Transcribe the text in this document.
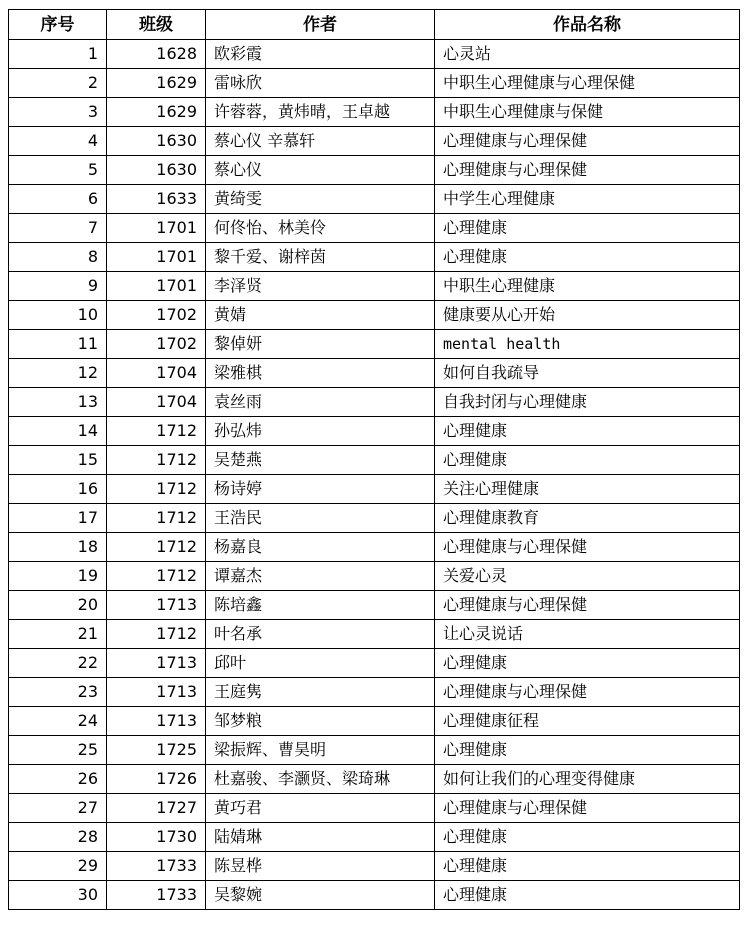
序号	班级	作者	作品名称
1	1628	欧彩霞	心灵站
2	1629	雷咏欣	中职生心理健康与心理保健
3	1629	许蓉蓉，黄炜晴，王卓越	中职生心理健康与保健
4	1630	蔡心仪 辛慕轩	心理健康与心理保健
5	1630	蔡心仪	心理健康与心理保健
6	1633	黄绮雯	中学生心理健康
7	1701	何佟怡、林美伶	心理健康
8	1701	黎千爱、谢梓茵	心理健康
9	1701	李泽贤	中职生心理健康
10	1702	黄婧	健康要从心开始
11	1702	黎倬妍	mental health
12	1704	梁雅棋	如何自我疏导
13	1704	袁丝雨	自我封闭与心理健康
14	1712	孙弘炜	心理健康
15	1712	吴楚燕	心理健康
16	1712	杨诗婷	关注心理健康
17	1712	王浩民	心理健康教育
18	1712	杨嘉良	心理健康与心理保健
19	1712	谭嘉杰	关爱心灵
20	1713	陈培鑫	心理健康与心理保健
21	1712	叶名承	让心灵说话
22	1713	邱叶	心理健康
23	1713	王庭隽	心理健康与心理保健
24	1713	邹梦粮	心理健康征程
25	1725	梁振辉、曹昊明	心理健康
26	1726	杜嘉骏、李灏贤、梁琦琳	如何让我们的心理变得健康
27	1727	黄巧君	心理健康与心理保健
28	1730	陆婧琳	心理健康
29	1733	陈昱桦	心理健康
30	1733	吴黎婉	心理健康
